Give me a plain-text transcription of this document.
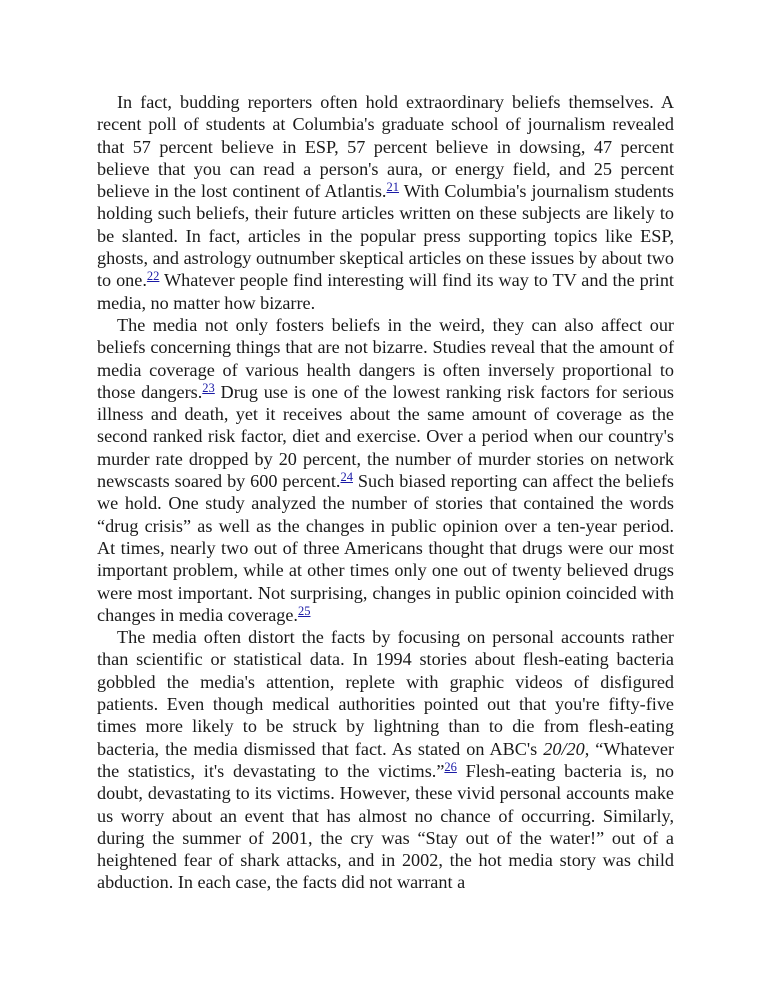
In fact, budding reporters often hold extraordinary beliefs themselves. A recent poll of students at Columbia's graduate school of journalism revealed that 57 percent believe in ESP, 57 percent believe in dowsing, 47 percent believe that you can read a person's aura, or energy field, and 25 percent believe in the lost continent of Atlantis.$^{21}$ With Columbia's journalism students holding such beliefs, their future articles written on these subjects are likely to be slanted. In fact, articles in the popular press supporting topics like ESP, ghosts, and astrology outnumber skeptical articles on these issues by about two to one.$^{22}$ Whatever people find interesting will find its way to TV and the print media, no matter how bizarre.

The media not only fosters beliefs in the weird, they can also affect our beliefs concerning things that are not bizarre. Studies reveal that the amount of media coverage of various health dangers is often inversely proportional to those dangers.$^{23}$ Drug use is one of the lowest ranking risk factors for serious illness and death, yet it receives about the same amount of coverage as the second ranked risk factor, diet and exercise. Over a period when our country's murder rate dropped by 20 percent, the number of murder stories on network newscasts soared by 600 percent.$^{24}$ Such biased reporting can affect the beliefs we hold. One study analyzed the number of stories that contained the words “drug crisis” as well as the changes in public opinion over a ten-year period. At times, nearly two out of three Americans thought that drugs were our most important problem, while at other times only one out of twenty believed drugs were most important. Not surprising, changes in public opinion coincided with changes in media coverage.$^{25}$

The media often distort the facts by focusing on personal accounts rather than scientific or statistical data. In 1994 stories about flesh-eating bacteria gobbled the media's attention, replete with graphic videos of disfigured patients. Even though medical authorities pointed out that you're fifty-five times more likely to be struck by lightning than to die from flesh-eating bacteria, the media dismissed that fact. As stated on ABC's 20/20, “Whatever the statistics, it's devastating to the victims.”$^{26}$ Flesh-eating bacteria is, no doubt, devastating to its victims. However, these vivid personal accounts make us worry about an event that has almost no chance of occurring. Similarly, during the summer of 2001, the cry was “Stay out of the water!” out of a heightened fear of shark attacks, and in 2002, the hot media story was child abduction. In each case, the facts did not warrant a
